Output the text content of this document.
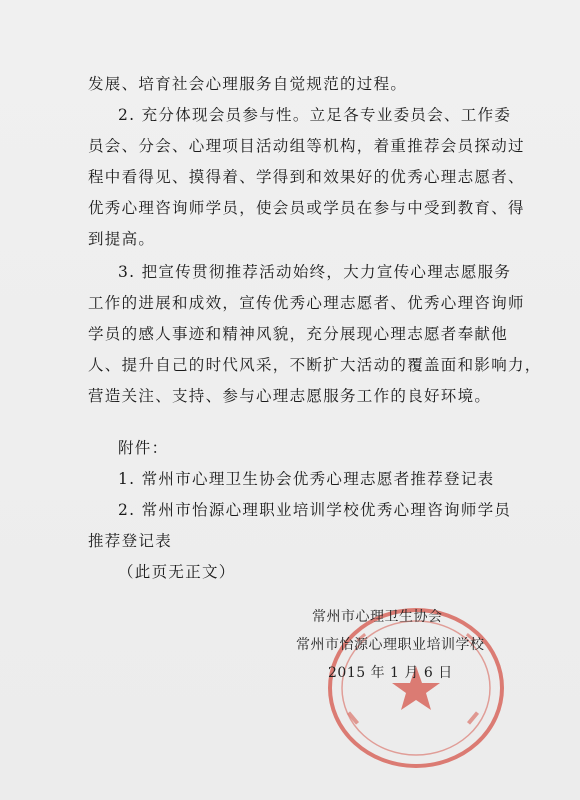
发展、培育社会心理服务自觉规范的过程。
2. 充分体现会员参与性。立足各专业委员会、工作委
员会、分会、心理项目活动组等机构，着重推荐会员探动过
程中看得见、摸得着、学得到和效果好的优秀心理志愿者、
优秀心理咨询师学员，使会员或学员在参与中受到教育、得
到提高。
3. 把宣传贯彻推荐活动始终，大力宣传心理志愿服务
工作的进展和成效，宣传优秀心理志愿者、优秀心理咨询师
学员的感人事迹和精神风貌，充分展现心理志愿者奉献他
人、提升自己的时代风采，不断扩大活动的覆盖面和影响力，
营造关注、支持、参与心理志愿服务工作的良好环境。
附件：
1. 常州市心理卫生协会优秀心理志愿者推荐登记表
2. 常州市怡源心理职业培训学校优秀心理咨询师学员
推荐登记表
（此页无正文）
常州市心理卫生协会
常州市怡源心理职业培训学校
2015 年 1 月 6 日
